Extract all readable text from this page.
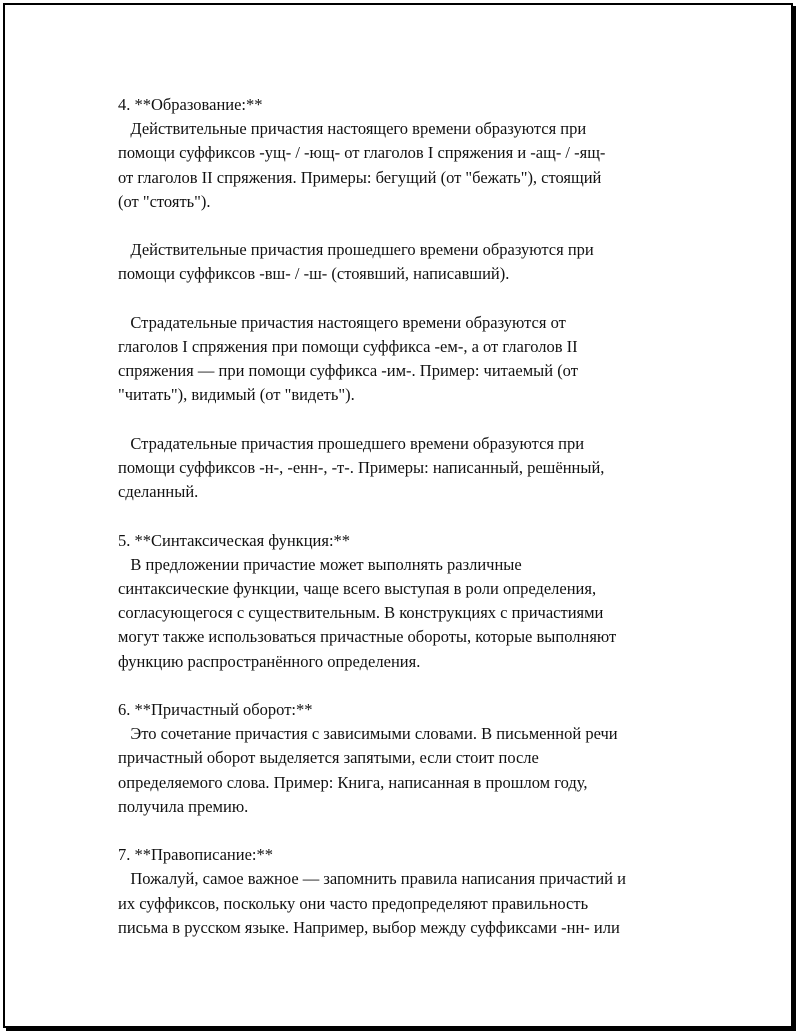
4. **Образование:**

Действительные причастия настоящего времени образуются при
помощи суффиксов -ущ- / -ющ- от глаголов I спряжения и -ащ- / -ящ-
от глаголов II спряжения. Примеры: бегущий (от "бежать"), стоящий
(от "стоять").

Действительные причастия прошедшего времени образуются при
помощи суффиксов -вш- / -ш- (стоявший, написавший).

Страдательные причастия настоящего времени образуются от
глаголов I спряжения при помощи суффикса -ем-, а от глаголов II
спряжения — при помощи суффикса -им-. Пример: читаемый (от
"читать"), видимый (от "видеть").

Страдательные причастия прошедшего времени образуются при
помощи суффиксов -н-, -енн-, -т-. Примеры: написанный, решённый,
сделанный.

5. **Синтаксическая функция:**

В предложении причастие может выполнять различные
синтаксические функции, чаще всего выступая в роли определения,
согласующегося с существительным. В конструкциях с причастиями
могут также использоваться причастные обороты, которые выполняют
функцию распространённого определения.

6. **Причастный оборот:**

Это сочетание причастия с зависимыми словами. В письменной речи
причастный оборот выделяется запятыми, если стоит после
определяемого слова. Пример: Книга, написанная в прошлом году,
получила премию.

7. **Правописание:**

Пожалуй, самое важное — запомнить правила написания причастий и
их суффиксов, поскольку они часто предопределяют правильность
письма в русском языке. Например, выбор между суффиксами -нн- или
